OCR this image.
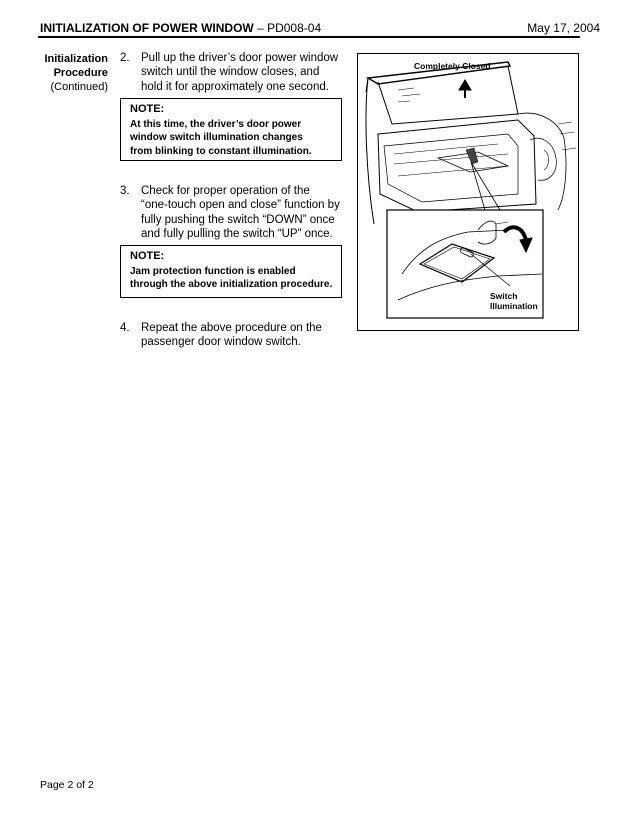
INITIALIZATION OF POWER WINDOW – PD008-04	May 17, 2004
Initialization
Procedure
(Continued)
2. Pull up the driver’s door power window
switch until the window closes, and
hold it for approximately one second.
NOTE:
At this time, the driver’s door power
window switch illumination changes
from blinking to constant illumination.
3. Check for proper operation of the
“one-touch open and close” function by
fully pushing the switch “DOWN” once
and fully pulling the switch “UP” once.
NOTE:
Jam protection function is enabled
through the above initialization procedure.
4. Repeat the above procedure on the
passenger door window switch.
Completely Closed
Switch
Illumination
Page 2 of 2
